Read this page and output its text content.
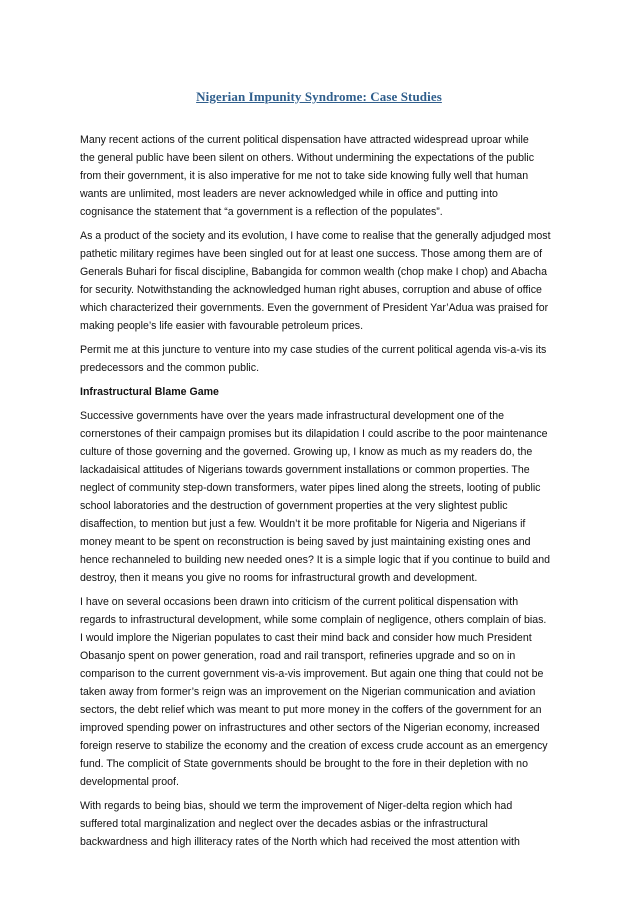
Nigerian Impunity Syndrome: Case Studies

Many recent actions of the current political dispensation have attracted widespread uproar while
the general public have been silent on others. Without undermining the expectations of the public
from their government, it is also imperative for me not to take side knowing fully well that human
wants are unlimited, most leaders are never acknowledged while in office and putting into
cognisance the statement that “a government is a reflection of the populates”.

As a product of the society and its evolution, I have come to realise that the generally adjudged most
pathetic military regimes have been singled out for at least one success. Those among them are of
Generals Buhari for fiscal discipline, Babangida for common wealth (chop make I chop) and Abacha
for security. Notwithstanding the acknowledged human right abuses, corruption and abuse of office
which characterized their governments. Even the government of President Yar’Adua was praised for
making people’s life easier with favourable petroleum prices.

Permit me at this juncture to venture into my case studies of the current political agenda vis-a-vis its
predecessors and the common public.

Infrastructural Blame Game

Successive governments have over the years made infrastructural development one of the
cornerstones of their campaign promises but its dilapidation I could ascribe to the poor maintenance
culture of those governing and the governed. Growing up, I know as much as my readers do, the
lackadaisical attitudes of Nigerians towards government installations or common properties. The
neglect of community step-down transformers, water pipes lined along the streets, looting of public
school laboratories and the destruction of government properties at the very slightest public
disaffection, to mention but just a few. Wouldn’t it be more profitable for Nigeria and Nigerians if
money meant to be spent on reconstruction is being saved by just maintaining existing ones and
hence rechanneled to building new needed ones? It is a simple logic that if you continue to build and
destroy, then it means you give no rooms for infrastructural growth and development.

I have on several occasions been drawn into criticism of the current political dispensation with
regards to infrastructural development, while some complain of negligence, others complain of bias.
I would implore the Nigerian populates to cast their mind back and consider how much President
Obasanjo spent on power generation, road and rail transport, refineries upgrade and so on in
comparison to the current government vis-a-vis improvement. But again one thing that could not be
taken away from former’s reign was an improvement on the Nigerian communication and aviation
sectors, the debt relief which was meant to put more money in the coffers of the government for an
improved spending power on infrastructures and other sectors of the Nigerian economy, increased
foreign reserve to stabilize the economy and the creation of excess crude account as an emergency
fund. The complicit of State governments should be brought to the fore in their depletion with no
developmental proof.

With regards to being bias, should we term the improvement of Niger-delta region which had
suffered total marginalization and neglect over the decades asbias or the infrastructural
backwardness and high illiteracy rates of the North which had received the most attention with
